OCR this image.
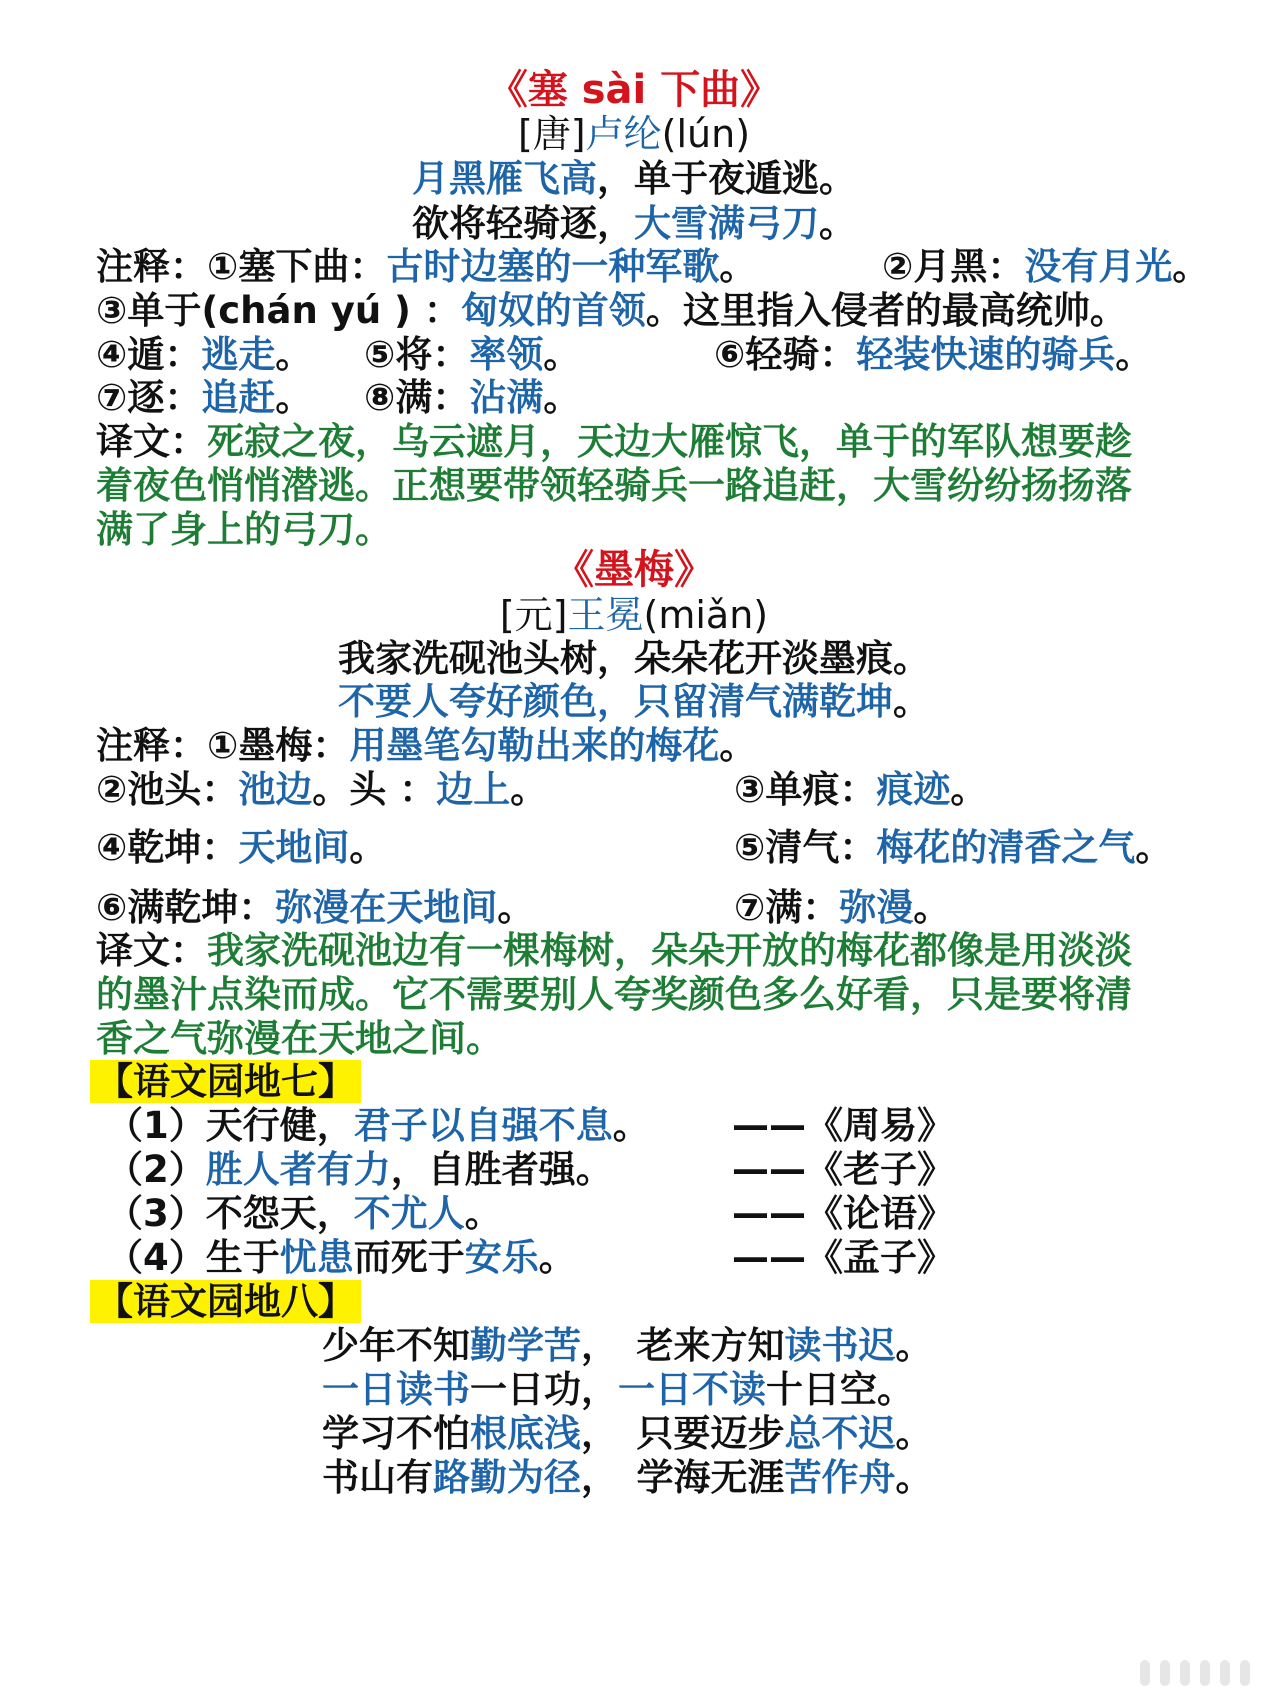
《塞 sài 下曲》
[唐]卢纶(lún)
月黑雁飞高，单于夜遁逃。
欲将轻骑逐，大雪满弓刀。
注释：①塞下曲：古时边塞的一种军歌。	②月黑：没有月光。
③单于(chán yú ) ：匈奴的首领。这里指入侵者的最高统帅。
④遁：逃走。 ⑤将：率领。	⑥轻骑：轻装快速的骑兵。
⑦逐：追赶。 ⑧满：沾满。
译文：死寂之夜，乌云遮月，天边大雁惊飞，单于的军队想要趁
着夜色悄悄潜逃。正想要带领轻骑兵一路追赶，大雪纷纷扬扬落
满了身上的弓刀。
《墨梅》
[元]王冕(miǎn)
我家洗砚池头树，朵朵花开淡墨痕。
不要人夸好颜色，只留清气满乾坤。
注释：①墨梅：用墨笔勾勒出来的梅花。
②池头：池边。头 ：边上。	③单痕：痕迹。
④乾坤：天地间。	⑤清气：梅花的清香之气。
⑥满乾坤：弥漫在天地间。	⑦满：弥漫。
译文：我家洗砚池边有一棵梅树，朵朵开放的梅花都像是用淡淡
的墨汁点染而成。它不需要别人夸奖颜色多么好看，只是要将清
香之气弥漫在天地之间。
【语文园地七】
（1）天行健，君子以自强不息。 ——《周易》
（2）胜人者有力，自胜者强。	——《老子》
（3）不怨天，不尤人。	——《论语》
（4）生于忧患而死于安乐。	——《孟子》
【语文园地八】
少年不知勤学苦，　老来方知读书迟。
一日读书一日功，一日不读十日空。
学习不怕根底浅，　只要迈步总不迟。
书山有路勤为径，　学海无涯苦作舟。
